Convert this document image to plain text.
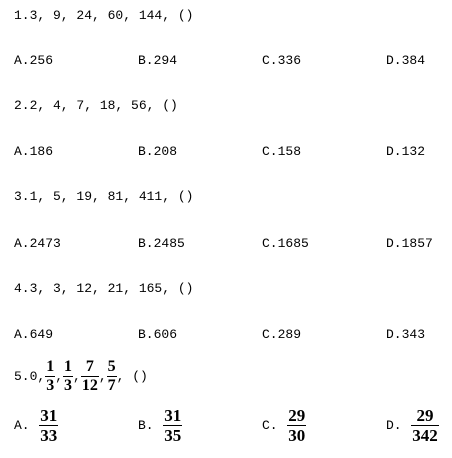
1.3, 9, 24, 60, 144, ()
A.256	B.294	C.336	D.384
2.2, 4, 7, 18, 56, ()
A.186	B.208	C.158	D.132
3.1, 5, 19, 81, 411, ()
A.2473	B.2485	C.1685	D.1857
4.3, 3, 12, 21, 165, ()
A.649	B.606	C.289	D.343
5.0, $\frac{1}{3}$ , $\frac{1}{3}$ , $\frac{7}{12}$ , $\frac{5}{7}$ , ()
A. $\frac{31}{33}$	B. $\frac{31}{35}$	C. $\frac{29}{30}$	D. $\frac{29}{342}$
